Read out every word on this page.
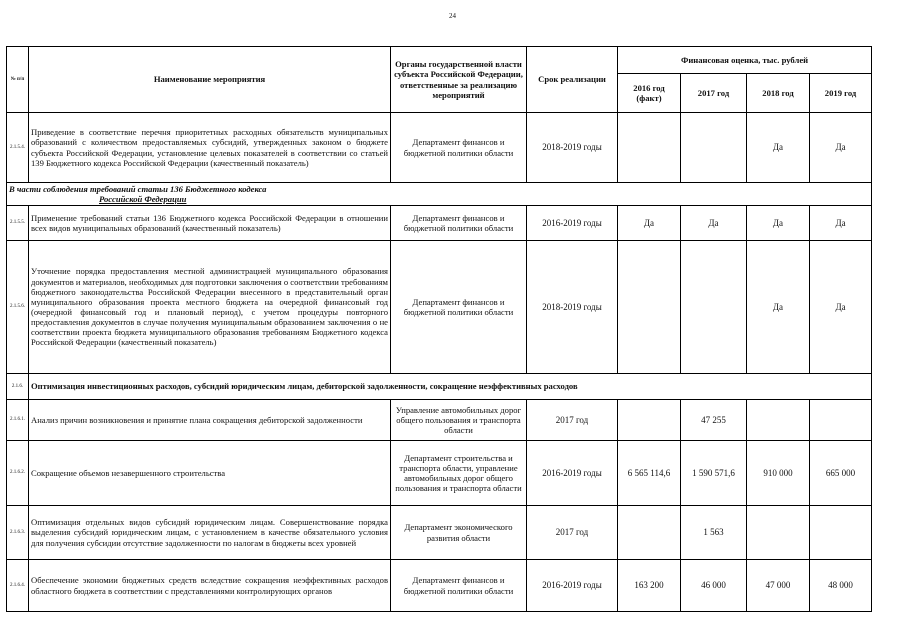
24
№ п/п	Наименование мероприятия	Органы государственной власти субъекта Российской Федерации, ответственные за реализацию мероприятий	Срок реализации	Финансовая оценка, тыс. рублей			
				2016 год (факт)	2017 год	2018 год	2019 год
2.1.5.4.	Приведение в соответствие перечня приоритетных расходных обязательств муниципальных образований с количеством предоставляемых субсидий, утвержденных законом о бюджете субъекта Российской Федерации, установление целевых показателей в соответствии со статьей 139 Бюджетного кодекса Российской Федерации (качественный показатель)	Департамент финансов и бюджетной политики области	2018-2019 годы			Да	Да
В части соблюдения требований статьи 136 Бюджетного кодекса
Российской Федерации							
2.1.5.5.	Применение требований статьи 136 Бюджетного кодекса Российской Федерации в отношении всех видов муниципальных образований (качественный показатель)	Департамент финансов и бюджетной политики области	2016-2019 годы	Да	Да	Да	Да
2.1.5.6.	Уточнение порядка предоставления местной администрацией муниципального образования документов и материалов, необходимых для подготовки заключения о соответствии требованиям бюджетного законодательства Российской Федерации внесенного в представительный орган муниципального образования проекта местного бюджета на очередной финансовый год (очередной финансовый год и плановый период), с учетом процедуры повторного предоставления документов в случае получения муниципальным образованием заключения о не соответствии проекта бюджета муниципального образования требованиям Бюджетного кодекса Российской Федерации (качественный показатель)	Департамент финансов и бюджетной политики области	2018-2019 годы			Да	Да
2.1.6.	Оптимизация инвестиционных расходов, субсидий юридическим лицам, дебиторской задолженности, сокращение неэффективных расходов						
2.1.6.1.	Анализ причин возникновения и принятие плана сокращения дебиторской задолженности	Управление автомобильных дорог общего пользования и транспорта области	2017 год		47 255		
2.1.6.2.	Сокращение объемов незавершенного строительства	Департамент строительства и транспорта области, управление автомобильных дорог общего пользования и транспорта области	2016-2019 годы	6 565 114,6	1 590 571,6	910 000	665 000
2.1.6.3.	Оптимизация отдельных видов субсидий юридическим лицам. Совершенствование порядка выделения субсидий юридическим лицам, с установлением в качестве обязательного условия для получения субсидии отсутствие задолженности по налогам в бюджеты всех уровней	Департамент экономического развития области	2017 год		1 563		
2.1.6.4.	Обеспечение экономии бюджетных средств вследствие сокращения неэффективных расходов областного бюджета в соответствии с представлениями контролирующих органов	Департамент финансов и бюджетной политики области	2016-2019 годы	163 200	46 000	47 000	48 000
